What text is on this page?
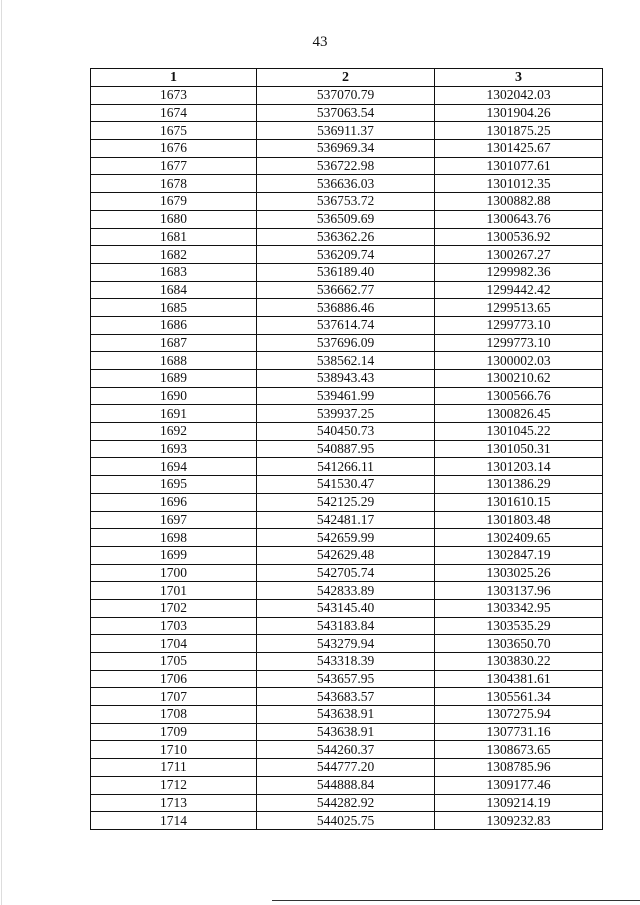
43
1	2	3
1673	537070.79	1302042.03
1674	537063.54	1301904.26
1675	536911.37	1301875.25
1676	536969.34	1301425.67
1677	536722.98	1301077.61
1678	536636.03	1301012.35
1679	536753.72	1300882.88
1680	536509.69	1300643.76
1681	536362.26	1300536.92
1682	536209.74	1300267.27
1683	536189.40	1299982.36
1684	536662.77	1299442.42
1685	536886.46	1299513.65
1686	537614.74	1299773.10
1687	537696.09	1299773.10
1688	538562.14	1300002.03
1689	538943.43	1300210.62
1690	539461.99	1300566.76
1691	539937.25	1300826.45
1692	540450.73	1301045.22
1693	540887.95	1301050.31
1694	541266.11	1301203.14
1695	541530.47	1301386.29
1696	542125.29	1301610.15
1697	542481.17	1301803.48
1698	542659.99	1302409.65
1699	542629.48	1302847.19
1700	542705.74	1303025.26
1701	542833.89	1303137.96
1702	543145.40	1303342.95
1703	543183.84	1303535.29
1704	543279.94	1303650.70
1705	543318.39	1303830.22
1706	543657.95	1304381.61
1707	543683.57	1305561.34
1708	543638.91	1307275.94
1709	543638.91	1307731.16
1710	544260.37	1308673.65
1711	544777.20	1308785.96
1712	544888.84	1309177.46
1713	544282.92	1309214.19
1714	544025.75	1309232.83
